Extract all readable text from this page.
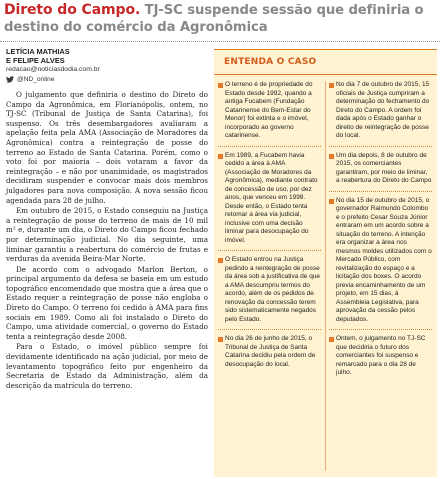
Direto do Campo. TJ-SC suspende sessão que definiria o destino do comércio da Agronômica
LETÍCIA MATHIAS
E FELIPE ALVES
redacao@noticiasdodia.com.br
@ND_online

O julgamento que definiria o destino do Direto do Campo da Agronômica, em Florianópolis, ontem, no TJ-SC (Tribunal de Justiça de Santa Catarina), foi suspenso. Os três desembargadores avaliaram a apelação feita pela AMA (Associação de Moradores da Agronômica) contra a reintegração de posse do terreno ao Estado de Santa Catarina. Porém, como o voto foi por maioria – dois votaram a favor da reintegração – e não por unanimidade, os magistrados decidiram suspender e convocar mais dois membros julgadores para nova composição. A nova sessão ficou agendada para 28 de julho.

Em outubro de 2015, o Estado conseguiu na Justiça a reintegração de posse do terreno de mais de 10 mil m² e, durante um dia, o Direto do Campo ficou fechado por determinação judicial. No dia seguinte, uma liminar garantiu a reabertura do comércio de frutas e verduras da avenida Beira-Mar Norte.

De acordo com o advogado Marlon Berton, o principal argumento da defesa se baseia em um estudo topográfico encomendado que mostra que a área que o Estado requer a reintegração de posse não engloba o Direto do Campo. O terreno foi cedido à AMA para fins sociais em 1989. Como ali foi instalado o Direto do Campo, uma atividade comercial, o governo do Estado tenta a reintegração desde 2008.

Para o Estado, o imóvel público sempre foi devidamente identificado na ação judicial, por meio de levantamento topográfico feito por engenheiro da Secretaria de Estado da Administração, além da descrição da matrícula do terreno.

ENTENDA O CASO
O terreno é de propriedade do Estado desde 1992, quando a antiga Fucabem (Fundação Catarinense do Bem-Estar do Menor) foi extinta e o imóvel, incorporado ao governo catarinense.
Em 1989, a Fucabem havia cedido a área à AMA (Associação de Moradores da Agronômica), mediante contrato de concessão de uso, por dez anos, que venceu em 1999. Desde então, o Estado tenta retomar a área via judicial, inclusive com uma decisão liminar para desocupação do imóvel.
O Estado entrou na Justiça pedindo a reintegração de posse da área sob a justificativa de que a AMA descumpriu termos do acordo, além de os pedidos de renovação da concessão terem sido sistematicamente negados pelo Estado.
No dia 26 de junho de 2015, o Tribunal de Justiça de Santa Catarina decidiu pela ordem de desocupação do local.
No dia 7 de outubro de 2015, 15 oficiais de Justiça cumpriram a determinação do fechamento do Direto do Campo. A ordem foi dada após o Estado ganhar o direito de reintegração de posse do local.
Um dia depois, 8 de outubro de 2015, os comerciantes garantiram, por meio de liminar, a reabertura do Direto do Campo
No dia 15 de outubro de 2015, o governador Raimundo Colombo e o prefeito Cesar Souza Júnior entraram em um acordo sobre a situação do terreno. A intenção era organizar a área nos mesmos moldes utilizados com o Mercado Público, com revitalização do espaço e a licitação dos boxes. O acordo previa encaminhamento de um projeto, em 15 dias, à Assembleia Legislativa, para aprovação da cessão pelos deputados.
Ontem, o julgamento no TJ-SC que decidiria o futuro dos comerciantes foi suspenso e remarcado para o dia 28 de julho.
